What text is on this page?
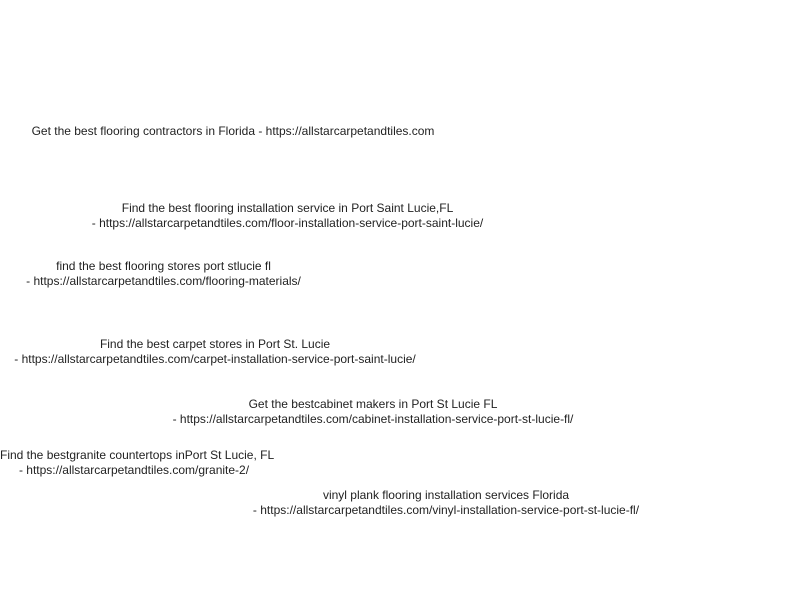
Get the best flooring contractors in Florida - https://allstarcarpetandtiles.com
Find the best flooring installation service in Port Saint Lucie,FL
- https://allstarcarpetandtiles.com/floor-installation-service-port-saint-lucie/
find the best flooring stores port stlucie fl
- https://allstarcarpetandtiles.com/flooring-materials/
Find the best carpet stores in Port St. Lucie
- https://allstarcarpetandtiles.com/carpet-installation-service-port-saint-lucie/
Get the bestcabinet makers in Port St Lucie FL
- https://allstarcarpetandtiles.com/cabinet-installation-service-port-st-lucie-fl/
Find the bestgranite countertops inPort St Lucie, FL
- https://allstarcarpetandtiles.com/granite-2/
vinyl plank flooring installation services Florida
- https://allstarcarpetandtiles.com/vinyl-installation-service-port-st-lucie-fl/
